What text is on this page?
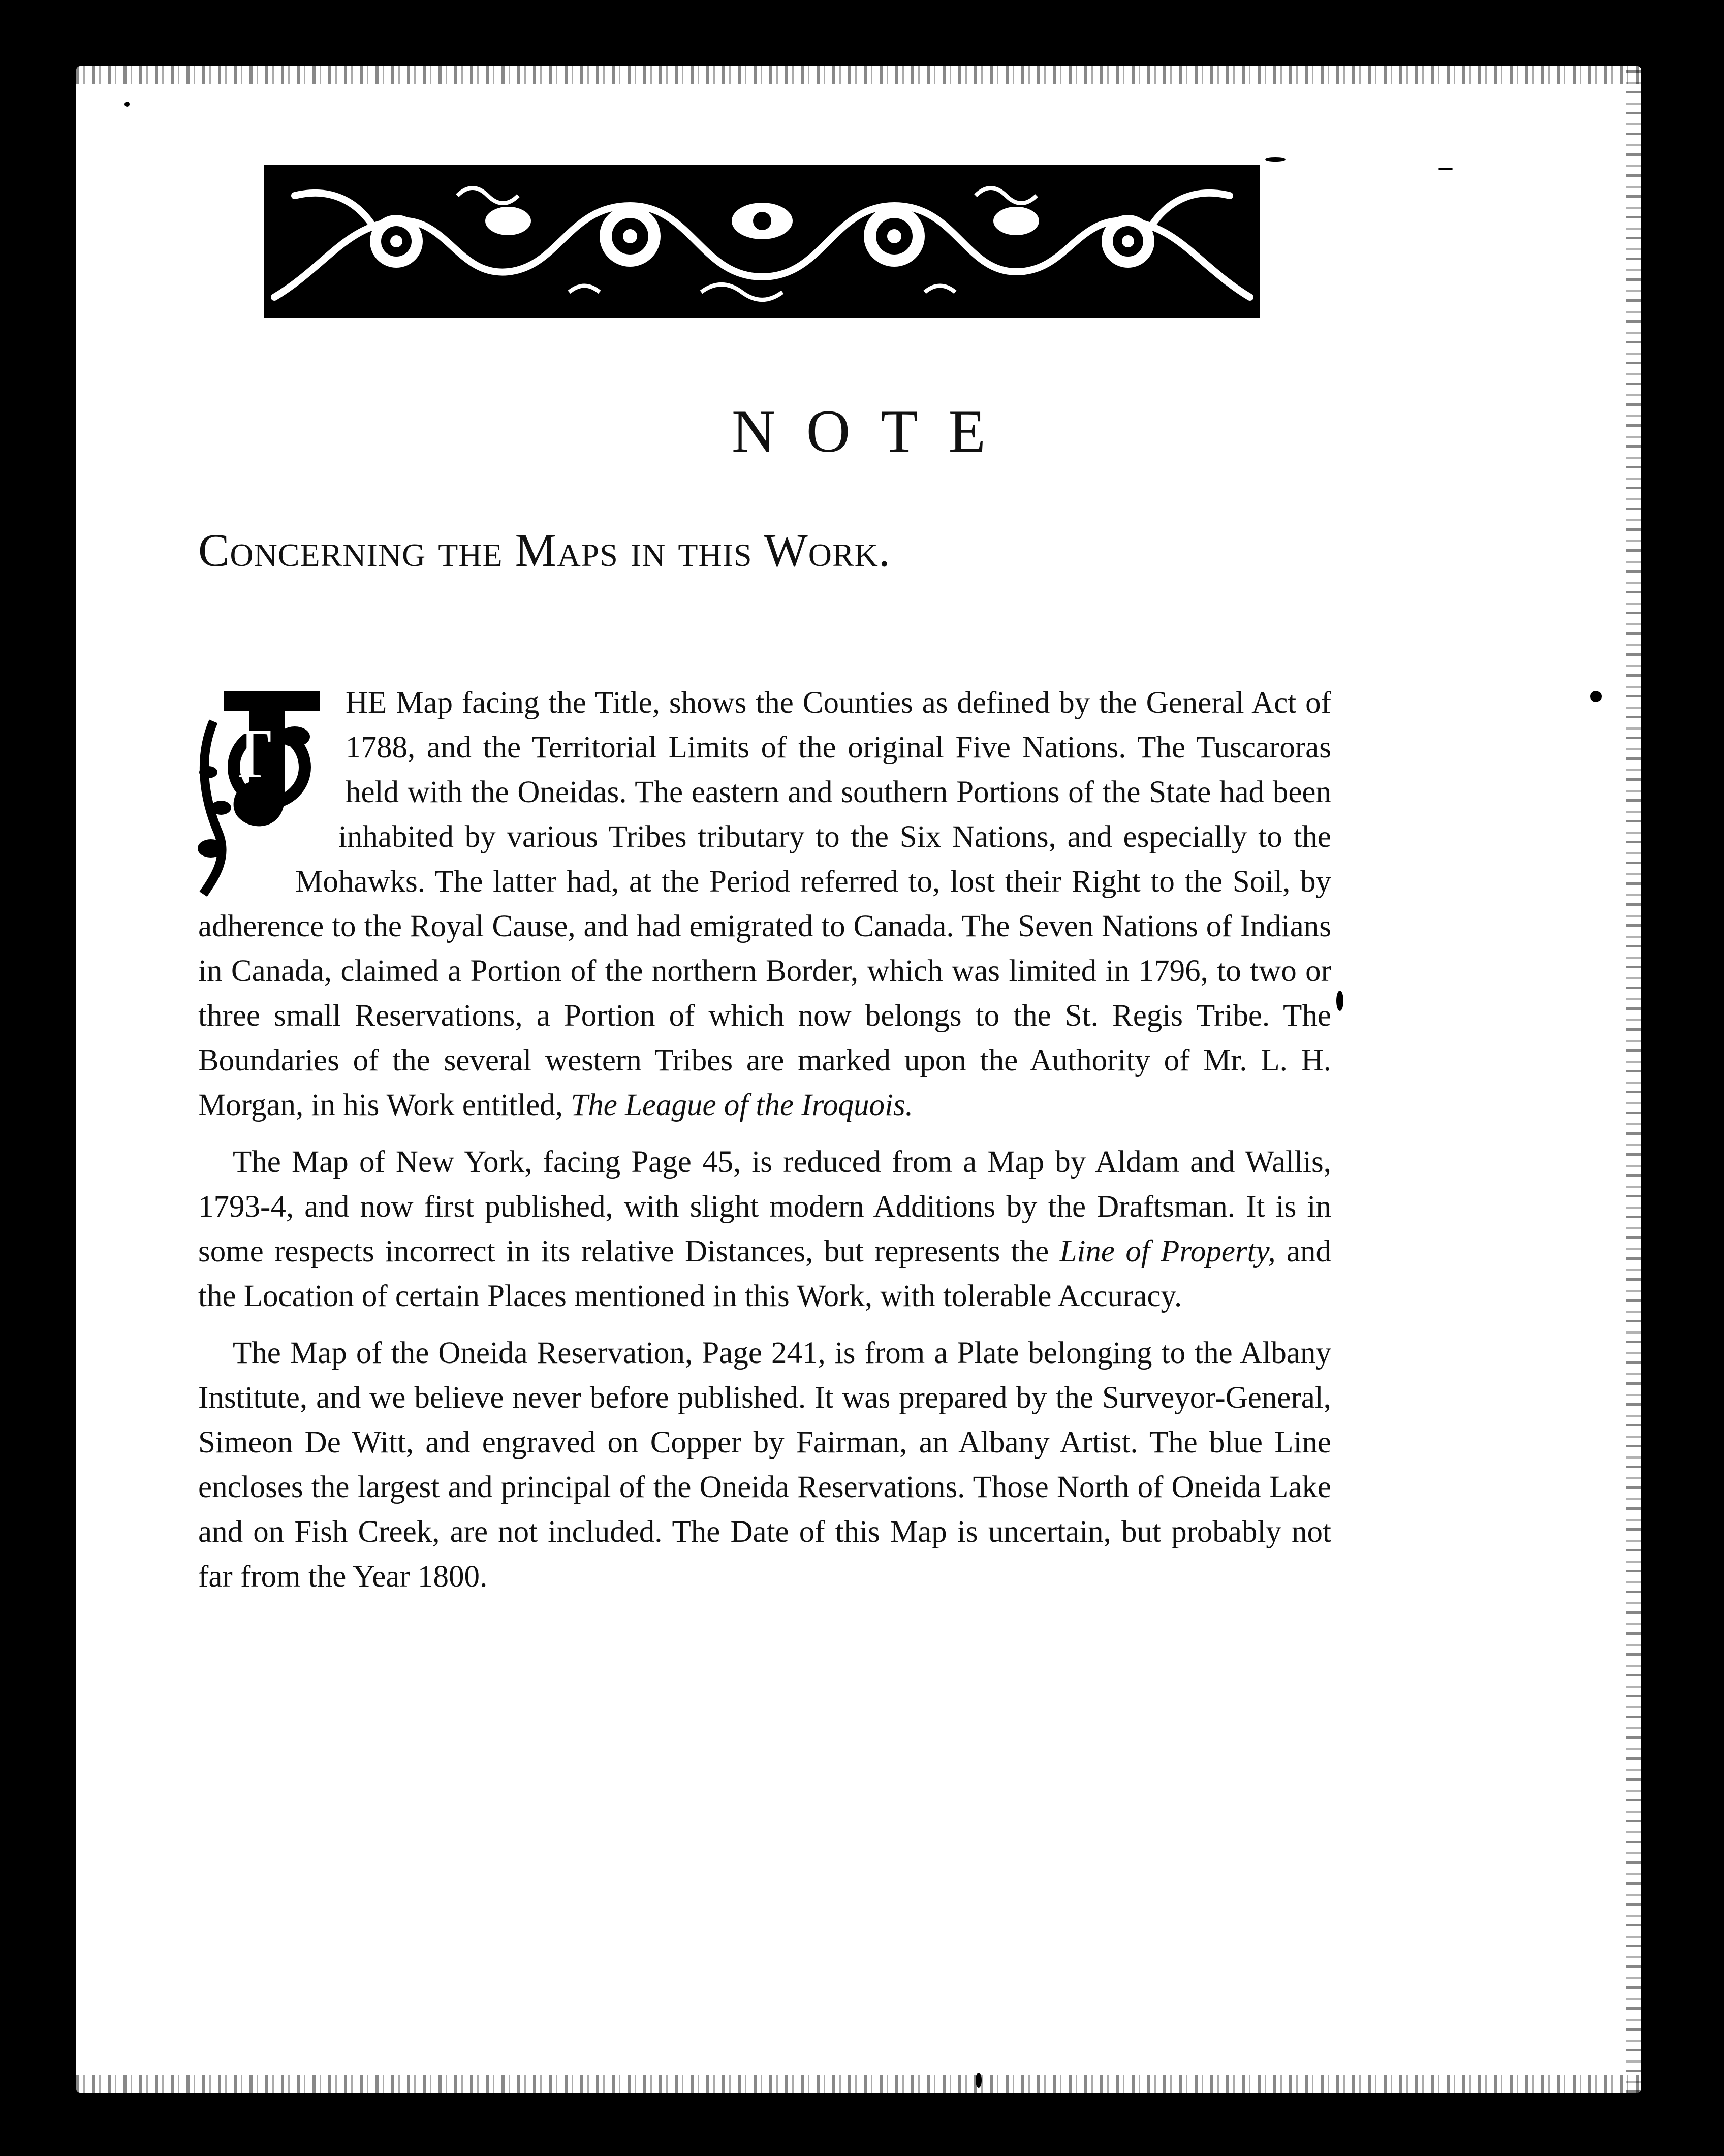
NOTE
Concerning the Maps in this Work.

T
HE Map facing the Title, shows the Counties as defined by the General Act of 1788, and the Territorial Limits of the original Five Nations. The Tuscaroras held with the Oneidas. The eastern and southern Portions of the State had been inhabited by various Tribes tributary to the Six Nations, and especially to the Mohawks. The latter had, at the Period referred to, lost their Right to the Soil, by adherence to the Royal Cause, and had emigrated to Canada. The Seven Nations of Indians in Canada, claimed a Portion of the northern Border, which was limited in 1796, to two or three small Reservations, a Portion of which now belongs to the St. Regis Tribe. The Boundaries of the several western Tribes are marked upon the Authority of Mr. L. H. Morgan, in his Work entitled, The League of the Iroquois.

The Map of New York, facing Page 45, is reduced from a Map by Aldam and Wallis, 1793-4, and now first published, with slight modern Additions by the Draftsman. It is in some respects incorrect in its relative Distances, but represents the Line of Property, and the Location of certain Places mentioned in this Work, with tolerable Accuracy.

The Map of the Oneida Reservation, Page 241, is from a Plate belonging to the Albany Institute, and we believe never before published. It was prepared by the Surveyor-General, Simeon De Witt, and engraved on Copper by Fairman, an Albany Artist. The blue Line encloses the largest and principal of the Oneida Reservations. Those North of Oneida Lake and on Fish Creek, are not included. The Date of this Map is uncertain, but probably not far from the Year 1800.
